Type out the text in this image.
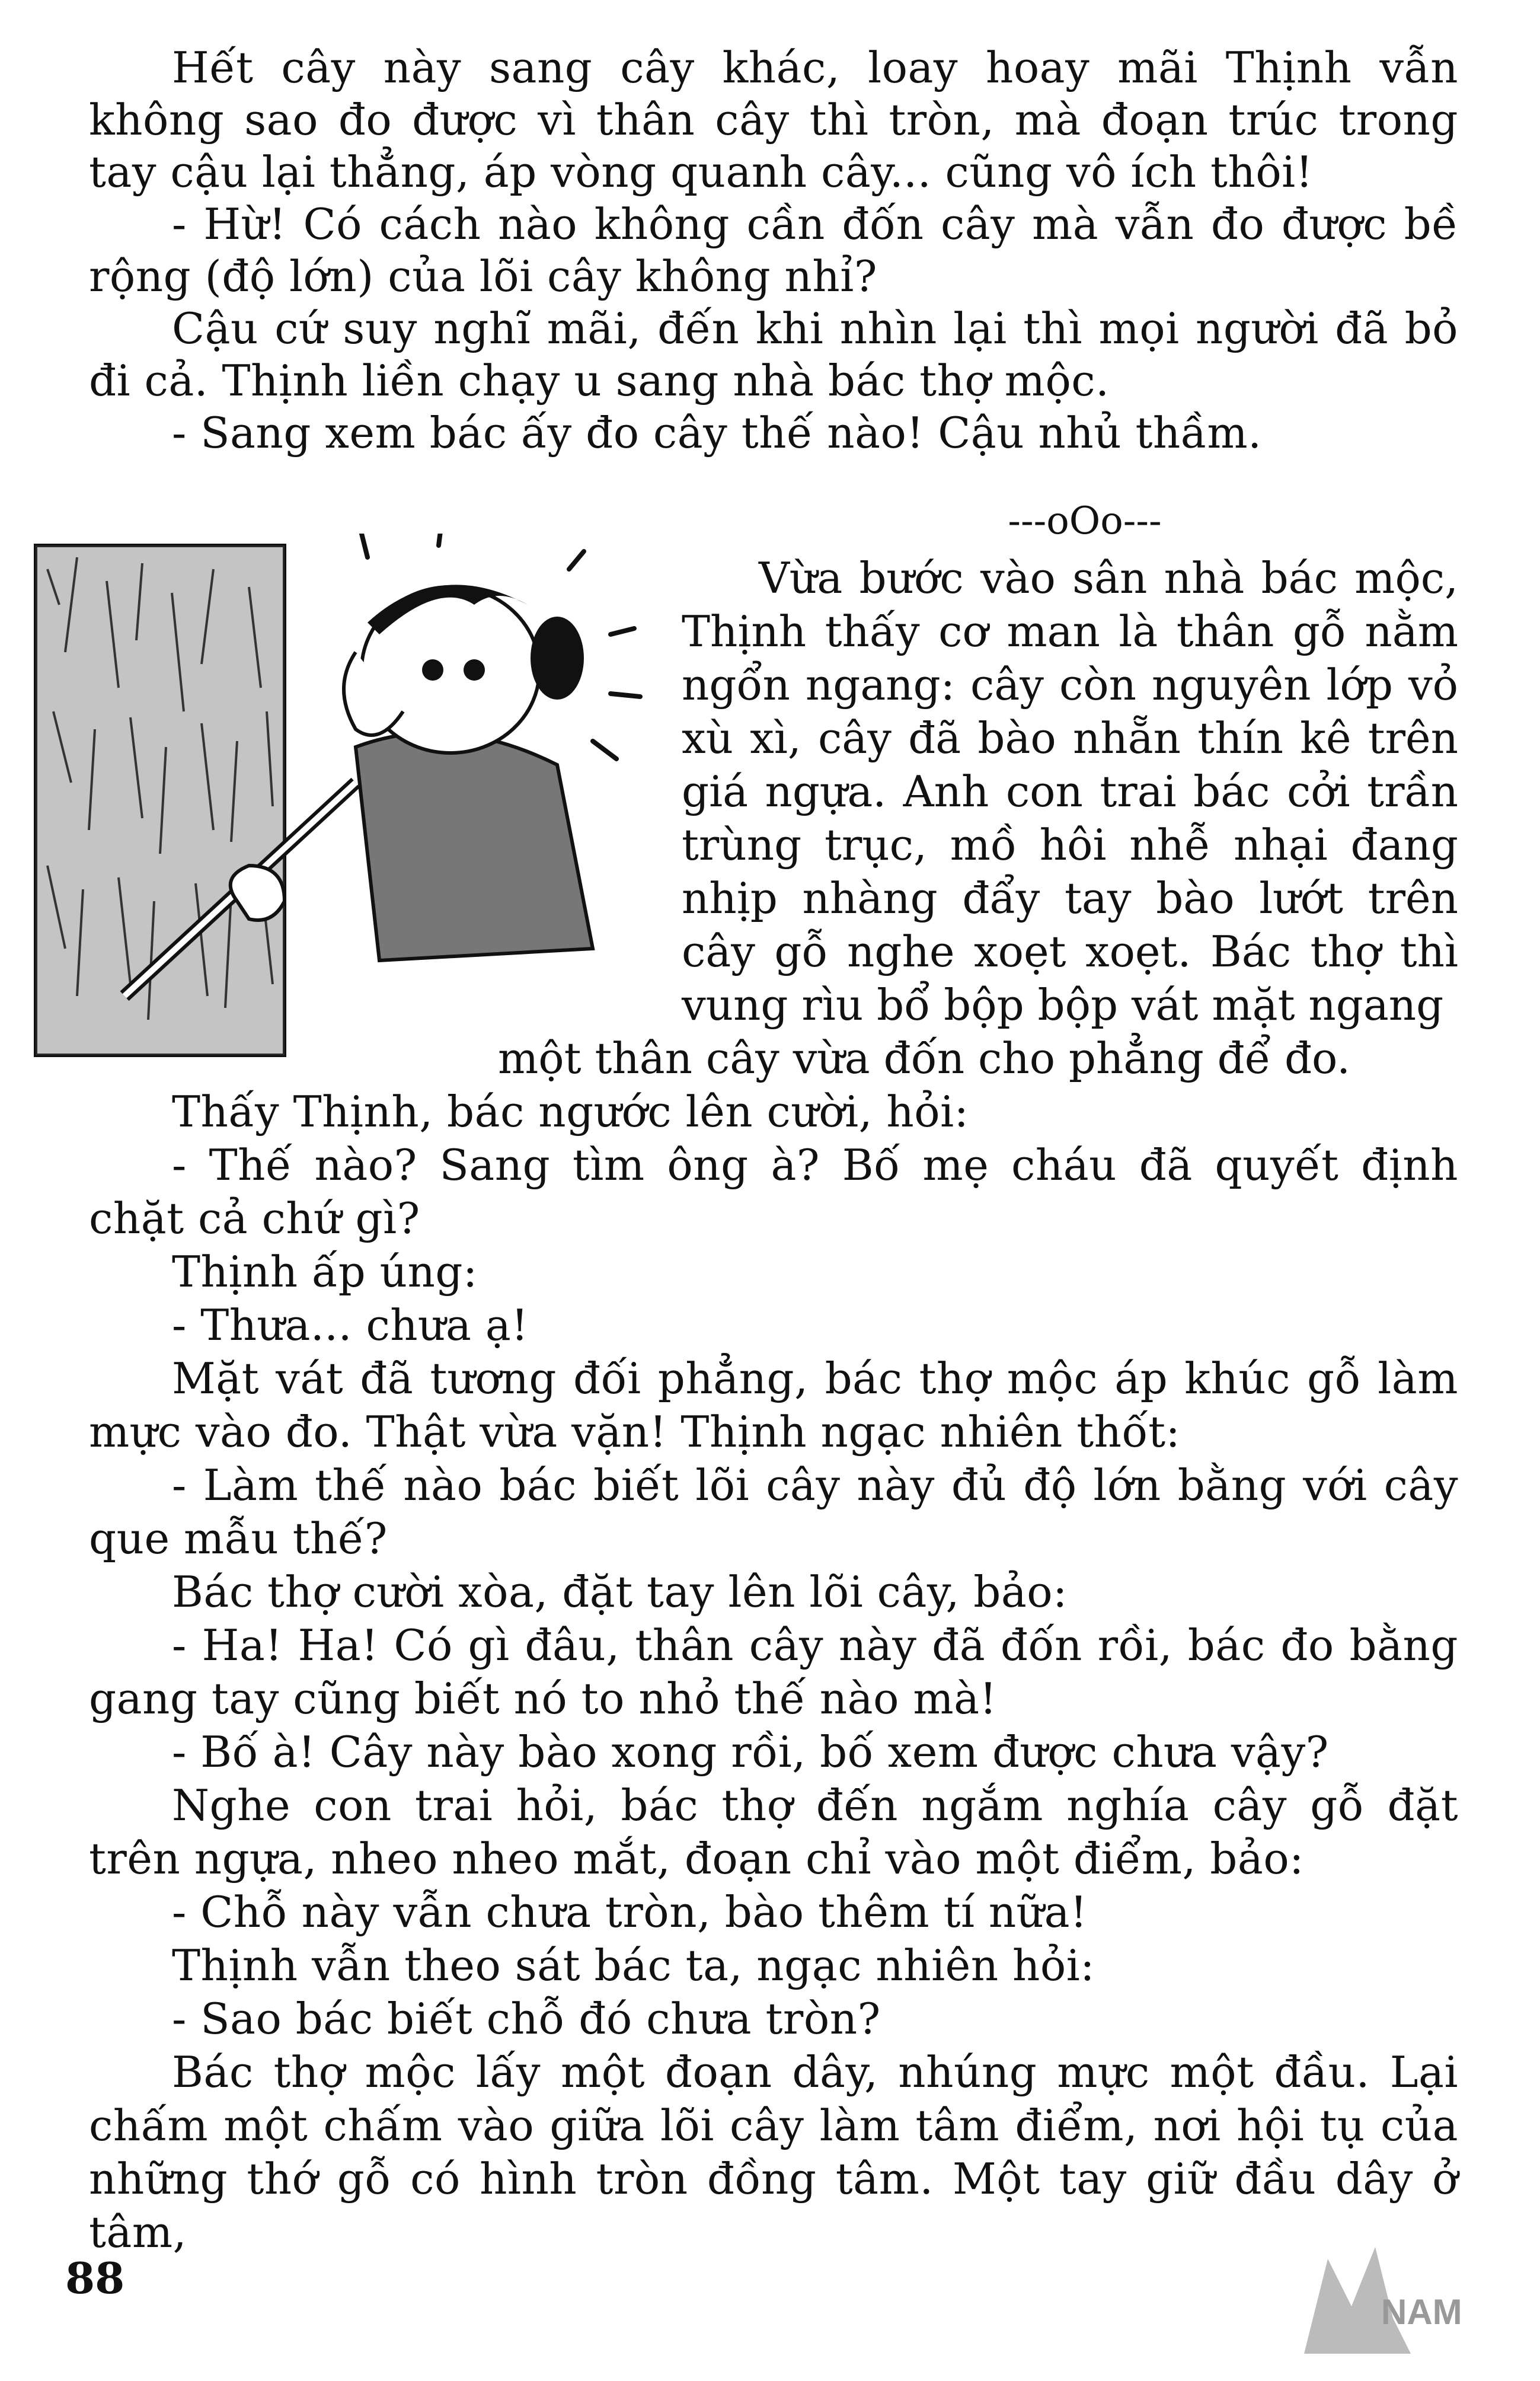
Hết cây này sang cây khác, loay hoay mãi Thịnh vẫn không sao đo được vì thân cây thì tròn, mà đoạn trúc trong tay cậu lại thẳng, áp vòng quanh cây... cũng vô ích thôi!

- Hừ! Có cách nào không cần đốn cây mà vẫn đo được bề rộng (độ lớn) của lõi cây không nhỉ?

Cậu cứ suy nghĩ mãi, đến khi nhìn lại thì mọi người đã bỏ đi cả. Thịnh liền chạy u sang nhà bác thợ mộc.

- Sang xem bác ấy đo cây thế nào! Cậu nhủ thầm.

---oOo---

Vừa bước vào sân nhà bác mộc, Thịnh thấy cơ man là thân gỗ nằm ngổn ngang: cây còn nguyên lớp vỏ xù xì, cây đã bào nhẵn thín kê trên giá ngựa. Anh con trai bác cởi trần trùng trục, mồ hôi nhễ nhại đang nhịp nhàng đẩy tay bào lướt trên cây gỗ nghe xoẹt xoẹt. Bác thợ thì vung rìu bổ bộp bộp vát mặt ngang

một thân cây vừa đốn cho phẳng để đo.

Thấy Thịnh, bác ngước lên cười, hỏi:

- Thế nào? Sang tìm ông à? Bố mẹ cháu đã quyết định chặt cả chứ gì?

Thịnh ấp úng:

- Thưa... chưa ạ!

Mặt vát đã tương đối phẳng, bác thợ mộc áp khúc gỗ làm mực vào đo. Thật vừa vặn! Thịnh ngạc nhiên thốt:

- Làm thế nào bác biết lõi cây này đủ độ lớn bằng với cây que mẫu thế?

Bác thợ cười xòa, đặt tay lên lõi cây, bảo:

- Ha! Ha! Có gì đâu, thân cây này đã đốn rồi, bác đo bằng gang tay cũng biết nó to nhỏ thế nào mà!

- Bố à! Cây này bào xong rồi, bố xem được chưa vậy?

Nghe con trai hỏi, bác thợ đến ngắm nghía cây gỗ đặt trên ngựa, nheo nheo mắt, đoạn chỉ vào một điểm, bảo:

- Chỗ này vẫn chưa tròn, bào thêm tí nữa!

Thịnh vẫn theo sát bác ta, ngạc nhiên hỏi:

- Sao bác biết chỗ đó chưa tròn?

Bác thợ mộc lấy một đoạn dây, nhúng mực một đầu. Lại chấm một chấm vào giữa lõi cây làm tâm điểm, nơi hội tụ của những thớ gỗ có hình tròn đồng tâm. Một tay giữ đầu dây ở tâm,

88
NAM
